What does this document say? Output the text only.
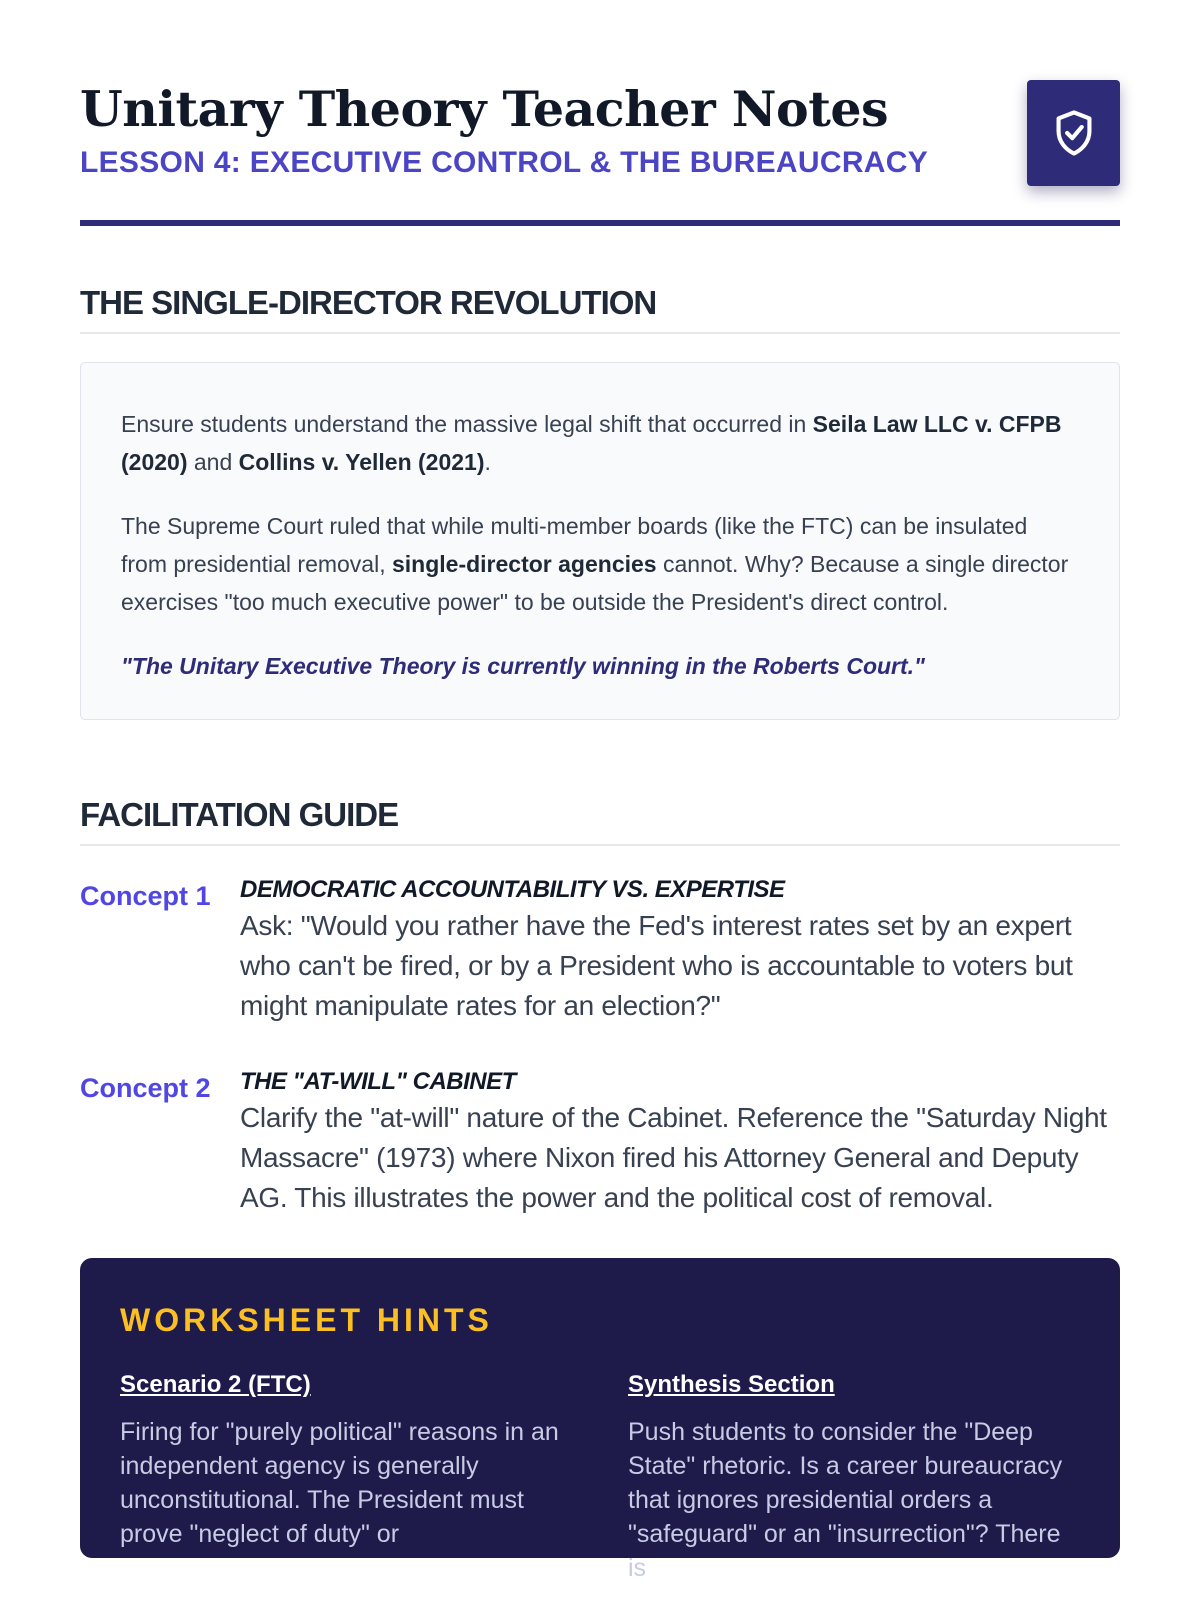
Unitary Theory Teacher Notes
LESSON 4: EXECUTIVE CONTROL & THE BUREAUCRACY
THE SINGLE-DIRECTOR REVOLUTION

Ensure students understand the massive legal shift that occurred in Seila Law LLC v. CFPB (2020) and Collins v. Yellen (2021).

The Supreme Court ruled that while multi-member boards (like the FTC) can be insulated from presidential removal, single-director agencies cannot. Why? Because a single director exercises "too much executive power" to be outside the President's direct control.

"The Unitary Executive Theory is currently winning in the Roberts Court."

FACILITATION GUIDE
Concept 1	DEMOCRATIC ACCOUNTABILITY VS. EXPERTISE
Ask: "Would you rather have the Fed's interest rates set by an expert who can't be fired, or by a President who is accountable to voters but might manipulate rates for an election?"
Concept 2	THE "AT-WILL" CABINET
Clarify the "at-will" nature of the Cabinet. Reference the "Saturday Night Massacre" (1973) where Nixon fired his Attorney General and Deputy AG. This illustrates the power and the political cost of removal.
WORKSHEET HINTS
Scenario 2 (FTC)

Firing for "purely political" reasons in an independent agency is generally unconstitutional. The President must prove "neglect of duty" or

Synthesis Section

Push students to consider the "Deep State" rhetoric. Is a career bureaucracy that ignores presidential orders a "safeguard" or an "insurrection"? There is
